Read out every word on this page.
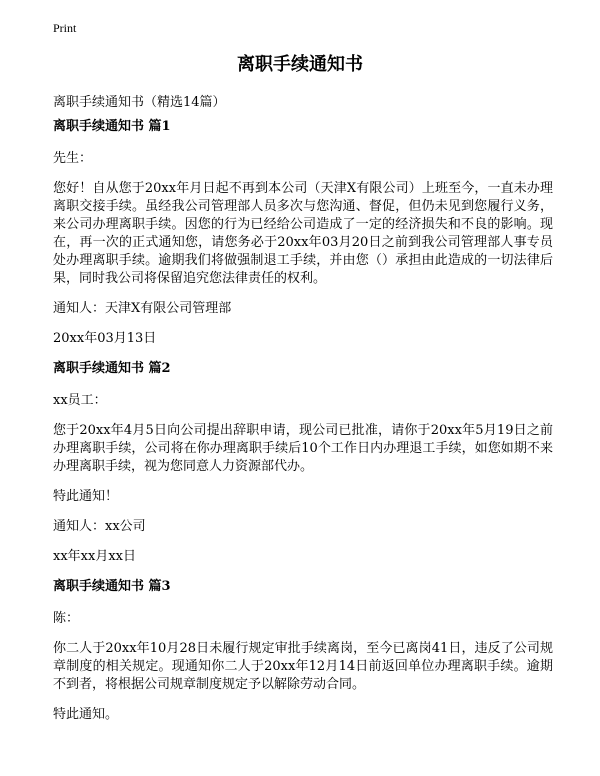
Print
离职手续通知书
离职手续通知书（精选14篇）
离职手续通知书 篇1
先生：
您好！自从您于20xx年月日起不再到本公司（天津X有限公司）上班至今，一直未办理离职交接手续。虽经我公司管理部人员多次与您沟通、督促，但仍未见到您履行义务，来公司办理离职手续。因您的行为已经给公司造成了一定的经济损失和不良的影响。现在，再一次的正式通知您，请您务必于20xx年03月20日之前到我公司管理部人事专员处办理离职手续。逾期我们将做强制退工手续，并由您（）承担由此造成的一切法律后果，同时我公司将保留追究您法律责任的权利。
通知人：天津X有限公司管理部
20xx年03月13日
离职手续通知书 篇2
xx员工：
您于20xx年4月5日向公司提出辞职申请，现公司已批准，请你于20xx年5月19日之前办理离职手续，公司将在你办理离职手续后10个工作日内办理退工手续，如您如期不来办理离职手续，视为您同意人力资源部代办。
特此通知！
通知人：xx公司
xx年xx月xx日
离职手续通知书 篇3
陈：
你二人于20xx年10月28日未履行规定审批手续离岗，至今已离岗41日，违反了公司规章制度的相关规定。现通知你二人于20xx年12月14日前返回单位办理离职手续。逾期不到者，将根据公司规章制度规定予以解除劳动合同。
特此通知。
